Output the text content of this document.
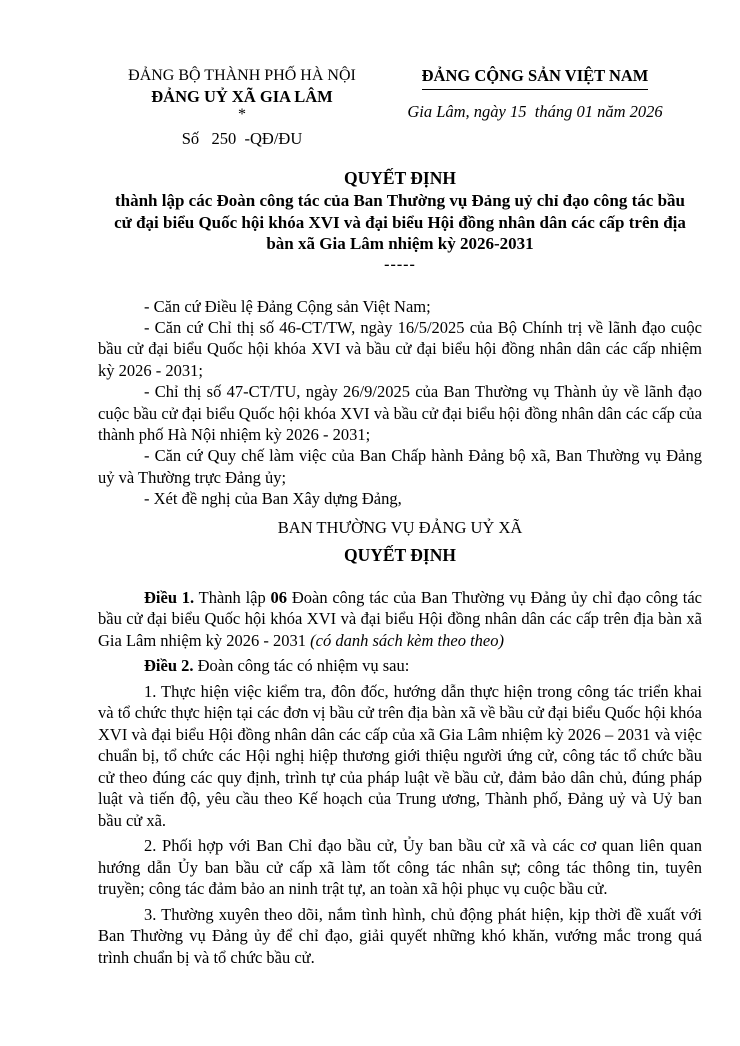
ĐẢNG BỘ THÀNH PHỐ HÀ NỘI
ĐẢNG UỶ XÃ GIA LÂM
*
Số   250  -QĐ/ĐU
ĐẢNG CỘNG SẢN VIỆT NAM
Gia Lâm, ngày 15  tháng 01 năm 2026
QUYẾT ĐỊNH
thành lập các Đoàn công tác của Ban Thường vụ Đảng uỷ chỉ đạo công tác bầu cử đại biểu Quốc hội khóa XVI và đại biểu Hội đồng nhân dân các cấp trên địa bàn xã Gia Lâm nhiệm kỳ 2026-2031
-----

- Căn cứ Điều lệ Đảng Cộng sản Việt Nam;

- Căn cứ Chỉ thị số 46-CT/TW, ngày 16/5/2025 của Bộ Chính trị về lãnh đạo cuộc bầu cử đại biểu Quốc hội khóa XVI và bầu cử đại biểu hội đồng nhân dân các cấp nhiệm kỳ 2026 - 2031;

- Chỉ thị số 47-CT/TU, ngày 26/9/2025 của Ban Thường vụ Thành ủy về lãnh đạo cuộc bầu cử đại biểu Quốc hội khóa XVI và bầu cử đại biểu hội đồng nhân dân các cấp của thành phố Hà Nội nhiệm kỳ 2026 - 2031;

- Căn cứ Quy chế làm việc của Ban Chấp hành Đảng bộ xã, Ban Thường vụ Đảng uỷ và Thường trực Đảng ủy;

- Xét đề nghị của Ban Xây dựng Đảng,

BAN THƯỜNG VỤ ĐẢNG UỶ XÃ
QUYẾT ĐỊNH

Điều 1. Thành lập 06 Đoàn công tác của Ban Thường vụ Đảng ủy chỉ đạo công tác bầu cử đại biểu Quốc hội khóa XVI và đại biểu Hội đồng nhân dân các cấp trên địa bàn xã Gia Lâm nhiệm kỳ 2026 - 2031 (có danh sách kèm theo theo)

Điều 2. Đoàn công tác có nhiệm vụ sau:

1. Thực hiện việc kiểm tra, đôn đốc, hướng dẫn thực hiện trong công tác triển khai và tổ chức thực hiện tại các đơn vị bầu cử trên địa bàn xã về bầu cử đại biểu Quốc hội khóa XVI và đại biểu Hội đồng nhân dân các cấp của xã Gia Lâm nhiệm kỳ 2026 – 2031 và việc chuẩn bị, tổ chức các Hội nghị hiệp thương giới thiệu người ứng cử, công tác tổ chức bầu cử theo đúng các quy định, trình tự của pháp luật về bầu cử, đảm bảo dân chủ, đúng pháp luật và tiến độ, yêu cầu theo Kế hoạch của Trung ương, Thành phố, Đảng uỷ và Uỷ ban bầu cử xã.

2. Phối hợp với Ban Chỉ đạo bầu cử, Ủy ban bầu cử xã và các cơ quan liên quan hướng dẫn Ủy ban bầu cử cấp xã làm tốt công tác nhân sự; công tác thông tin, tuyên truyền; công tác đảm bảo an ninh trật tự, an toàn xã hội phục vụ cuộc bầu cử.

3. Thường xuyên theo dõi, nắm tình hình, chủ động phát hiện, kịp thời đề xuất với Ban Thường vụ Đảng ủy để chỉ đạo, giải quyết những khó khăn, vướng mắc trong quá trình chuẩn bị và tổ chức bầu cử.
